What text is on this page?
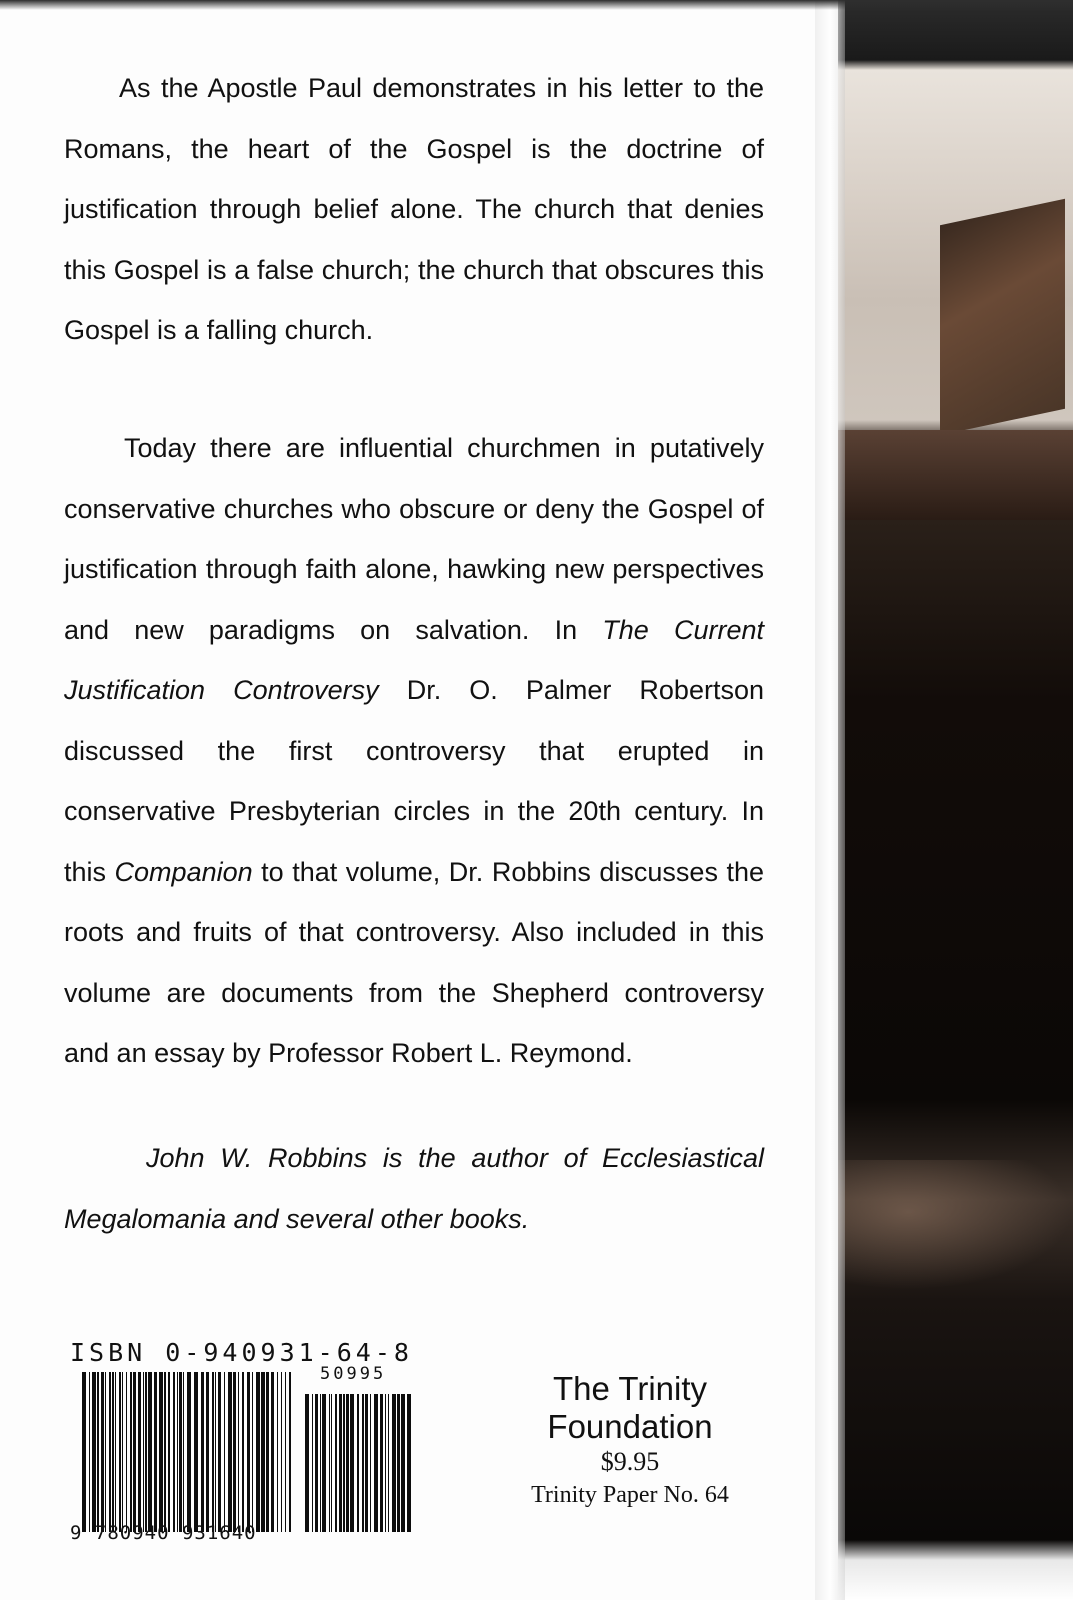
As the Apostle Paul demonstrates in his letter to the Romans, the heart of the Gospel is the doctrine of justification through belief alone. The church that denies this Gospel is a false church; the church that obscures this Gospel is a falling church.

Today there are influential churchmen in putatively conservative churches who obscure or deny the Gospel of justification through faith alone, hawking new perspectives and new paradigms on salvation. In The Current Justification Controversy Dr. O. Palmer Robertson discussed the first controversy that erupted in conservative Presbyterian circles in the 20th century. In this Companion to that volume, Dr. Robbins discusses the roots and fruits of that controversy. Also included in this volume are documents from the Shepherd controversy and an essay by Professor Robert L. Reymond.

John W. Robbins is the author of Ecclesiastical Megalomania and several other books.

ISBN 0-940931-64-8

50995

9 780940 931640

The Trinity
Foundation

$9.95

Trinity Paper No. 64
